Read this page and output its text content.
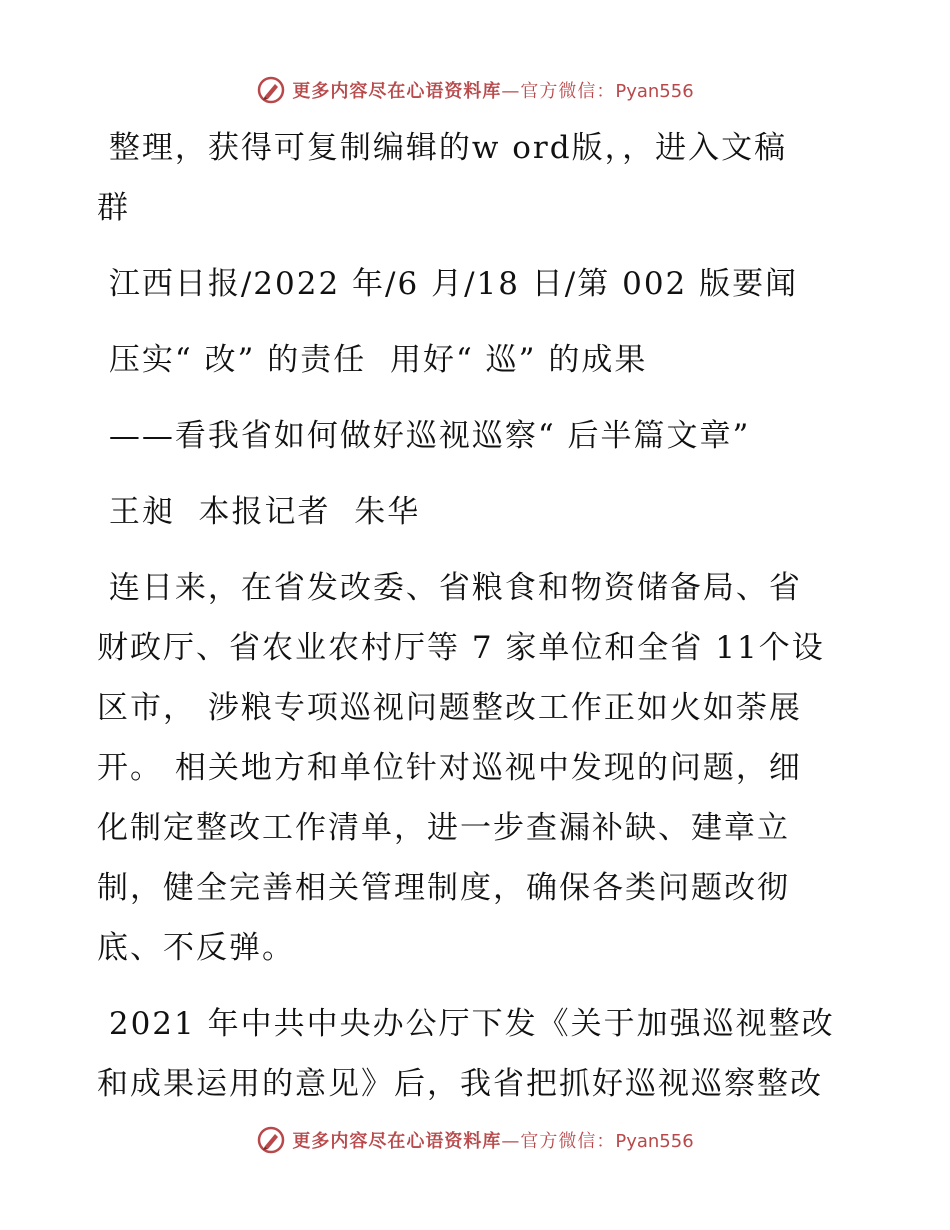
更多内容尽在心语资料库—官方微信：Pyan556
整理，获得可复制编辑的w ord版，，进入文稿
群
江西日报/2022 年/6 月/18 日/第 002 版要闻
压实“ 改” 的责任  用好“ 巡” 的成果
——看我省如何做好巡视巡察“ 后半篇文章”
王昶  本报记者  朱华
连日来，在省发改委、省粮食和物资储备局、省
财政厅、省农业农村厅等 7 家单位和全省 11个设
区市， 涉粮专项巡视问题整改工作正如火如荼展
开。 相关地方和单位针对巡视中发现的问题，细
化制定整改工作清单，进一步查漏补缺、建章立
制，健全完善相关管理制度，确保各类问题改彻
底、不反弹。
2021 年中共中央办公厅下发《关于加强巡视整改
和成果运用的意见》后，我省把抓好巡视巡察整改
更多内容尽在心语资料库—官方微信：Pyan556
